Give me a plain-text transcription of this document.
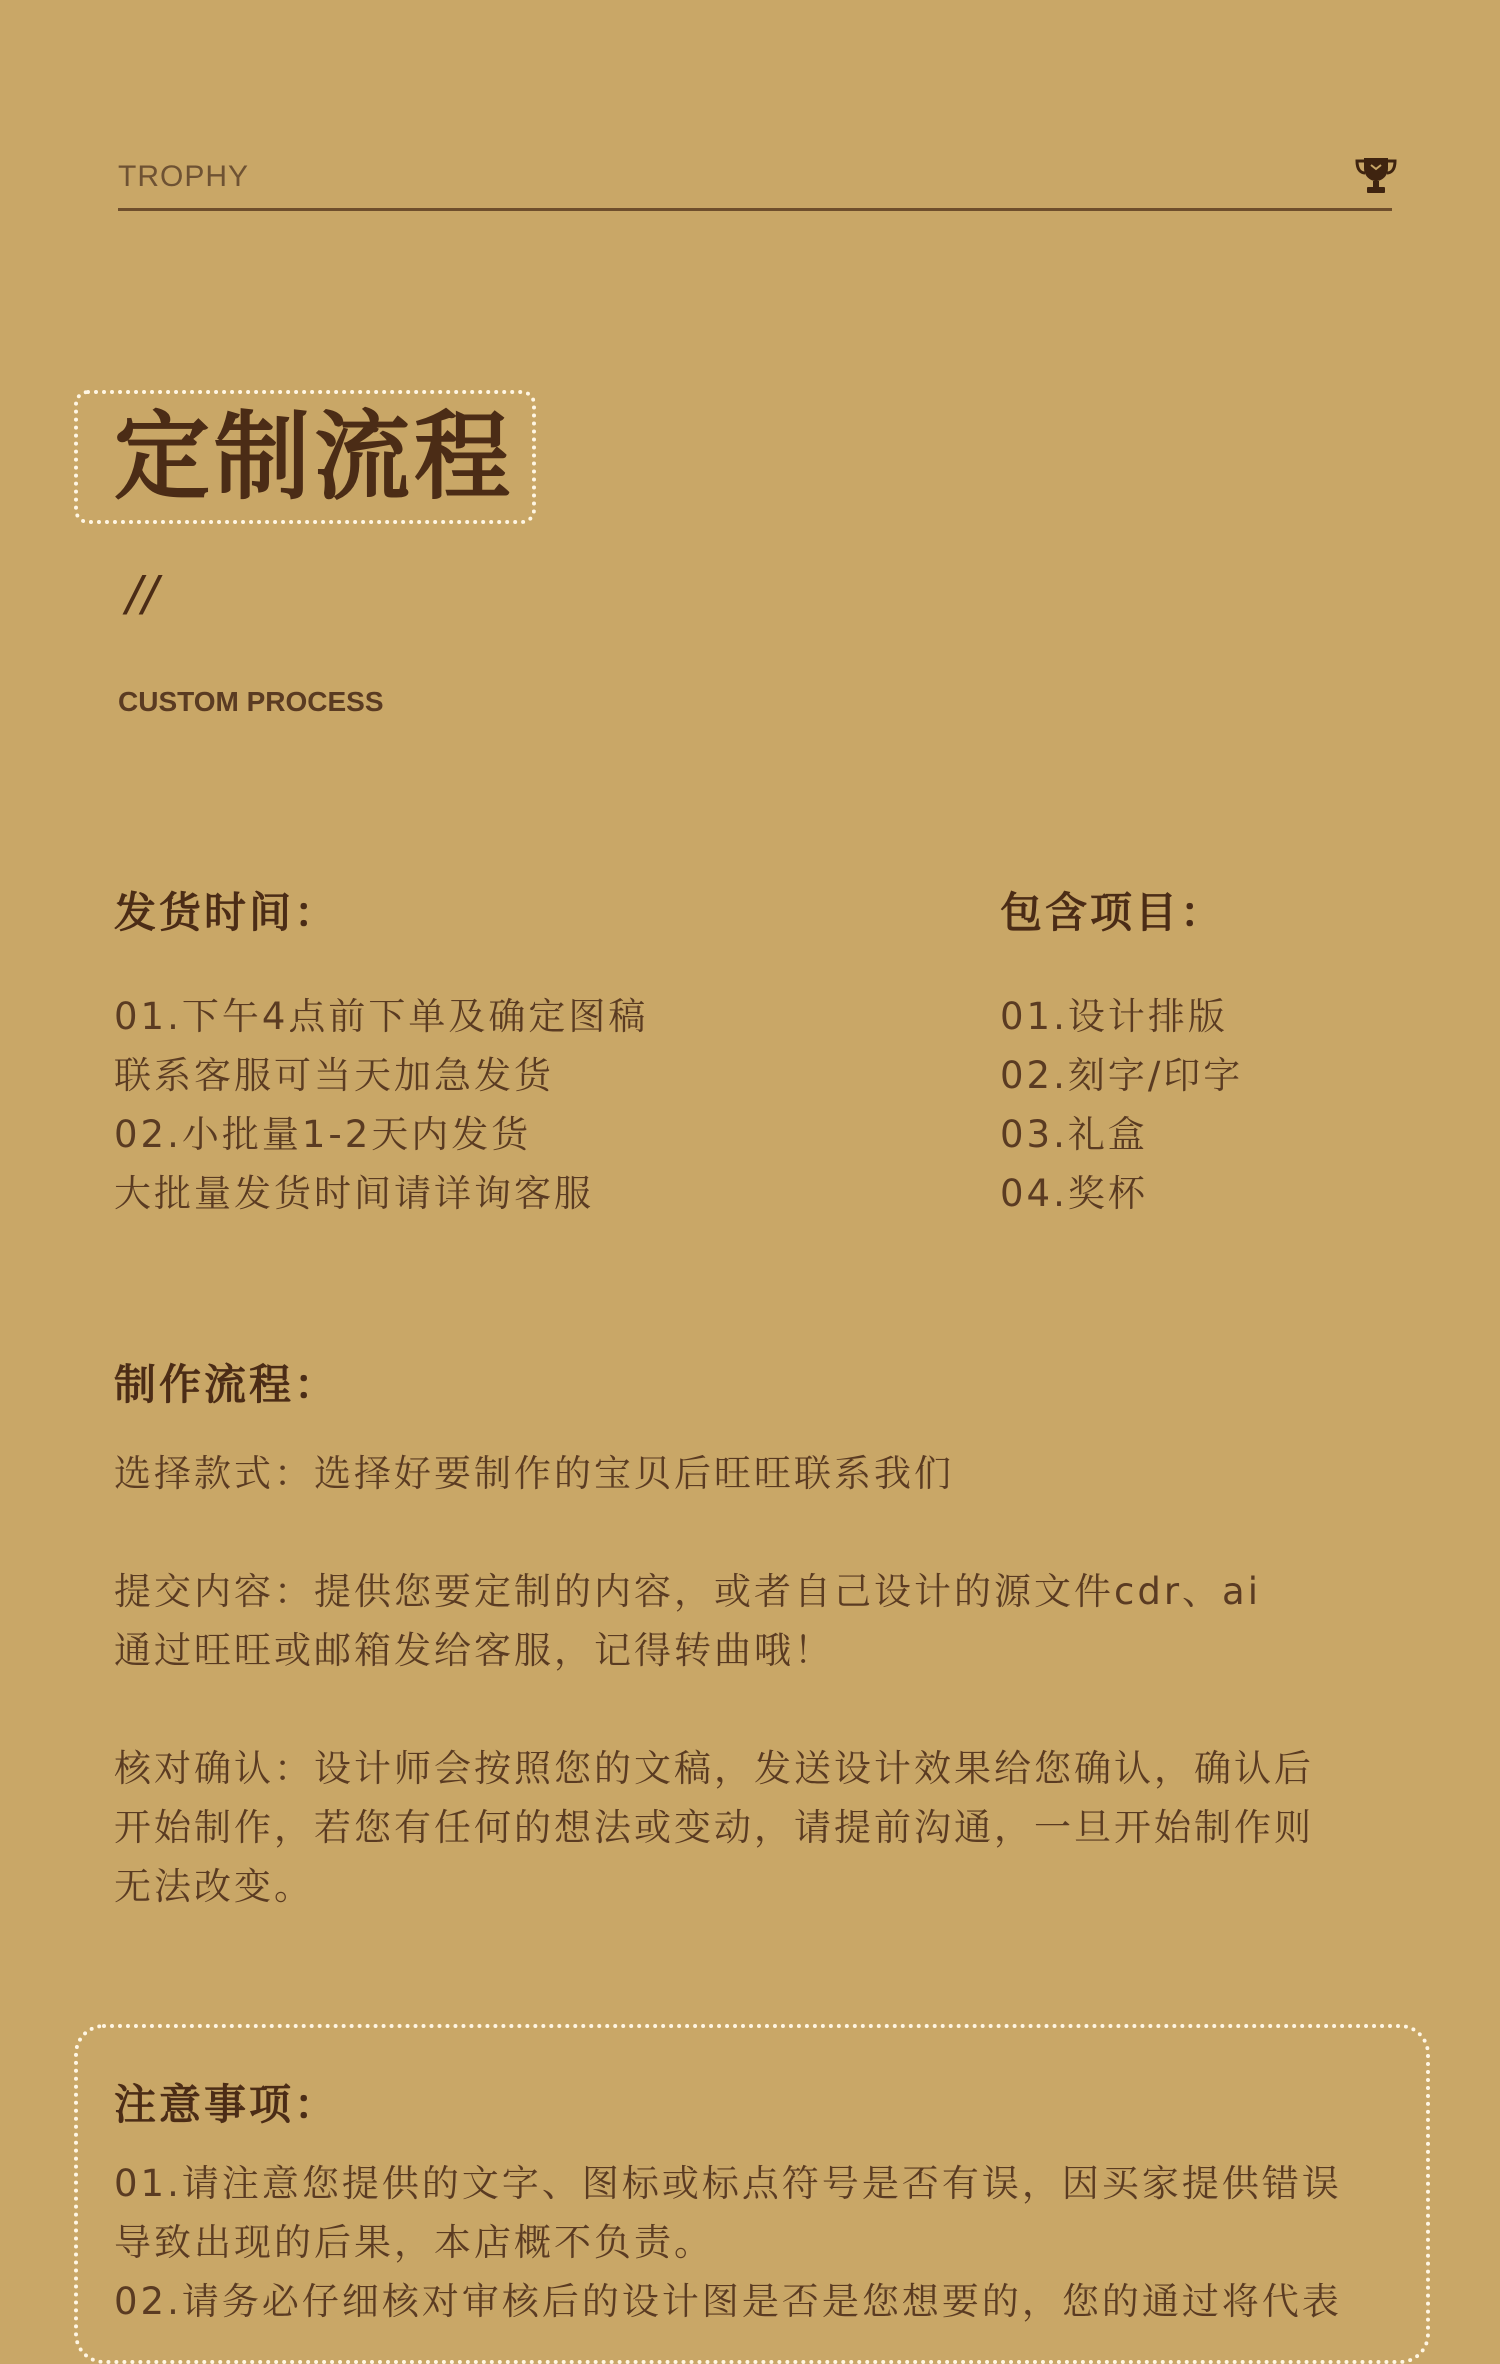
TROPHY
定制流程
//
CUSTOM PROCESS
发货时间：
01.下午4点前下单及确定图稿
联系客服可当天加急发货
02.小批量1-2天内发货
大批量发货时间请详询客服
包含项目：
01.设计排版
02.刻字/印字
03.礼盒
04.奖杯
制作流程：
选择款式：选择好要制作的宝贝后旺旺联系我们
提交内容：提供您要定制的内容，或者自己设计的源文件cdr、ai
通过旺旺或邮箱发给客服，记得转曲哦！
核对确认：设计师会按照您的文稿，发送设计效果给您确认，确认后
开始制作，若您有任何的想法或变动，请提前沟通，一旦开始制作则
无法改变。
注意事项：
01.请注意您提供的文字、图标或标点符号是否有误，因买家提供错误
导致出现的后果，本店概不负责。
02.请务必仔细核对审核后的设计图是否是您想要的，您的通过将代表
